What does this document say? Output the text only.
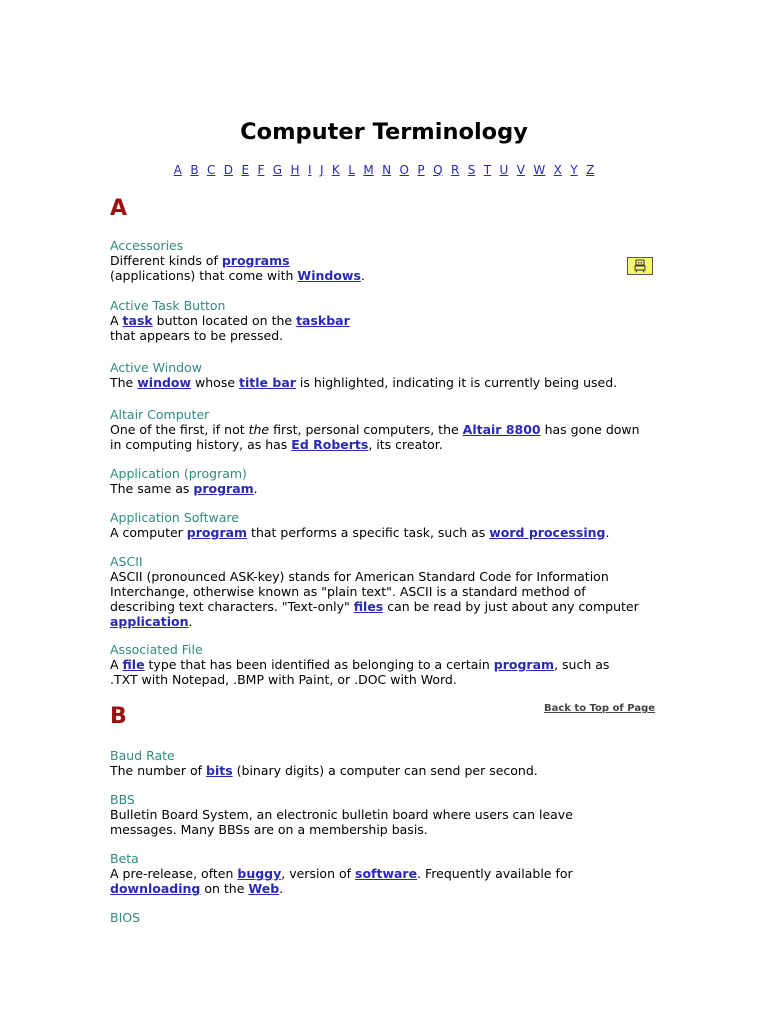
Computer Terminology
A B C D E F G H I J K L M N O P Q R S T U V W X Y Z
A
Accessories
Different kinds of programs
(applications) that come with Windows.
Active Task Button
A task button located on the taskbar
that appears to be pressed.
Active Window
The window whose title bar is highlighted, indicating it is currently being used.
Altair Computer
One of the first, if not the first, personal computers, the Altair 8800 has gone down in computing history, as has Ed Roberts, its creator.
Application (program)
The same as program.
Application Software
A computer program that performs a specific task, such as word processing.
ASCII
ASCII (pronounced ASK-key) stands for American Standard Code for Information Interchange, otherwise known as "plain text". ASCII is a standard method of describing text characters. "Text-only" files can be read by just about any computer application.
Associated File
A file type that has been identified as belonging to a certain program, such as .TXT with Notepad, .BMP with Paint, or .DOC with Word.
Back to Top of Page
B
Baud Rate
The number of bits (binary digits) a computer can send per second.
BBS
Bulletin Board System, an electronic bulletin board where users can leave messages. Many BBSs are on a membership basis.
Beta
A pre-release, often buggy, version of software. Frequently available for downloading on the Web.
BIOS
